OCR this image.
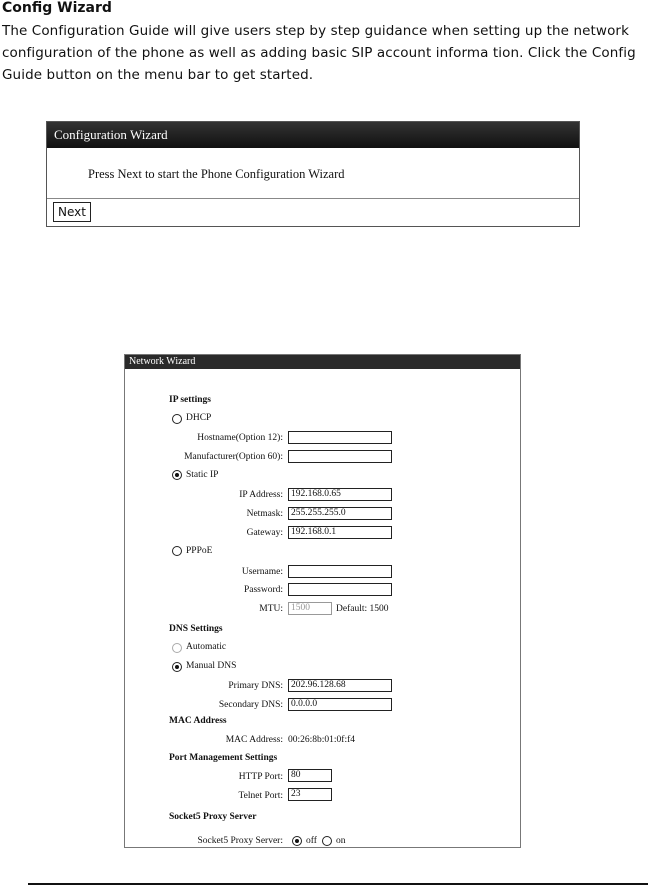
Config Wizard
The Configuration Guide will give users step by step guidance when setting up the network configuration of the phone as well as adding basic SIP account informa tion. Click the Config Guide button on the menu bar to get started.
Configuration Wizard
Press Next to start the Phone Configuration Wizard
Next
Network Wizard
IP settings
DHCP
Hostname(Option 12):
Manufacturer(Option 60):
Static IP
IP Address: 192.168.0.65
Netmask: 255.255.255.0
Gateway: 192.168.0.1
PPPoE
Username:
Password:
MTU: 1500	Default: 1500
DNS Settings
Automatic
Manual DNS
Primary DNS: 202.96.128.68
Secondary DNS: 0.0.0.0
MAC Address
MAC Address: 00:26:8b:01:0f:f4
Port Management Settings
HTTP Port: 80
Telnet Port: 23
Socket5 Proxy Server
Socket5 Proxy Server: off on
